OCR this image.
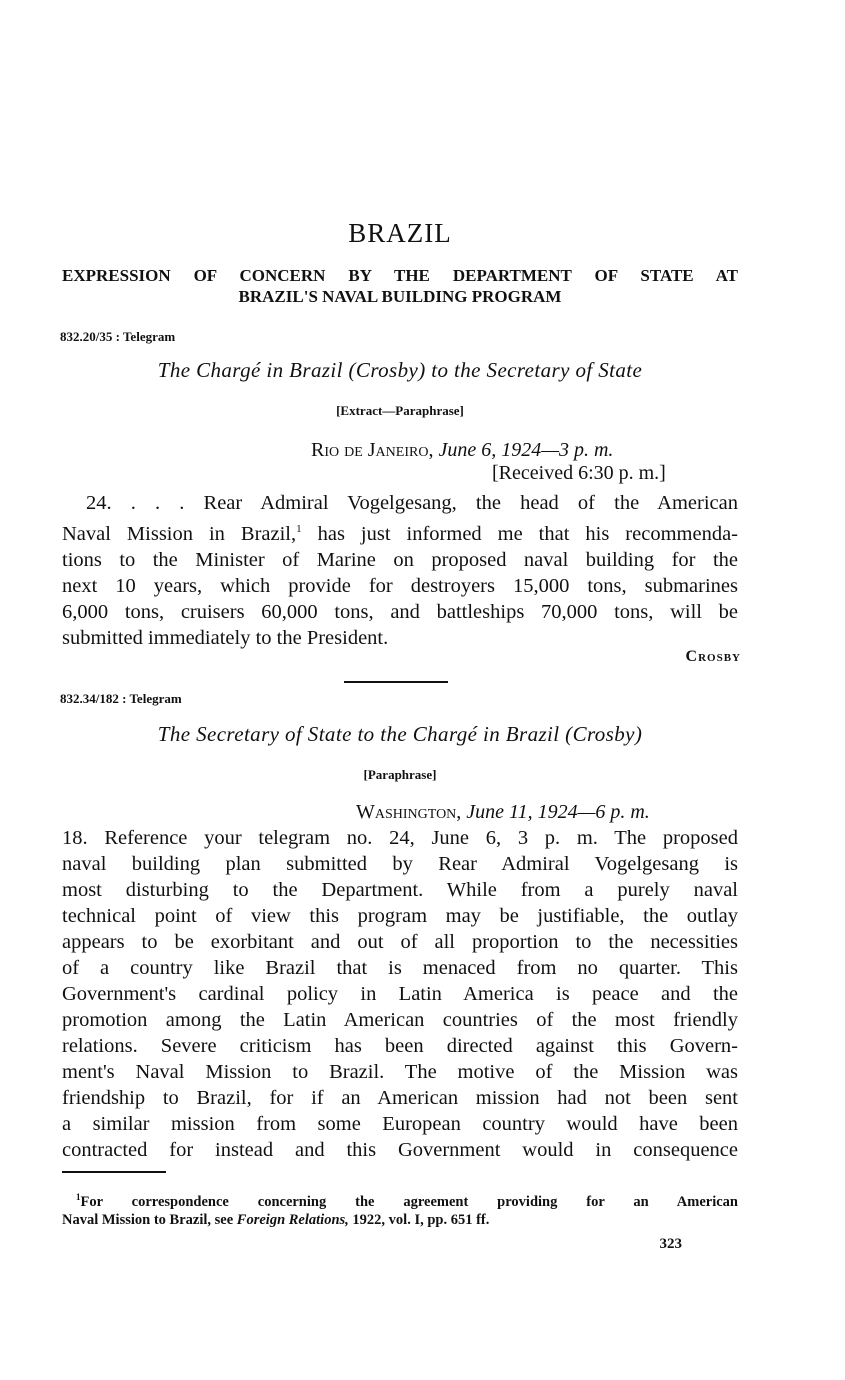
BRAZIL
EXPRESSION OF CONCERN BY THE DEPARTMENT OF STATE AT
BRAZIL'S NAVAL BUILDING PROGRAM
832.20/35 : Telegram
The Chargé in Brazil (Crosby) to the Secretary of State
[Extract—Paraphrase]
Rio de Janeiro, June 6, 1924—3 p. m.
[Received 6:30 p. m.]
24. . . . Rear Admiral Vogelgesang, the head of the American
Naval Mission in Brazil,$^1$ has just informed me that his recommenda-
tions to the Minister of Marine on proposed naval building for the
next 10 years, which provide for destroyers 15,000 tons, submarines
6,000 tons, cruisers 60,000 tons, and battleships 70,000 tons, will be
submitted immediately to the President.
Crosby
832.34/182 : Telegram
The Secretary of State to the Chargé in Brazil (Crosby)
[Paraphrase]
Washington, June 11, 1924—6 p. m.
18. Reference your telegram no. 24, June 6, 3 p. m. The proposed
naval building plan submitted by Rear Admiral Vogelgesang is
most disturbing to the Department. While from a purely naval
technical point of view this program may be justifiable, the outlay
appears to be exorbitant and out of all proportion to the necessities
of a country like Brazil that is menaced from no quarter. This
Government's cardinal policy in Latin America is peace and the
promotion among the Latin American countries of the most friendly
relations. Severe criticism has been directed against this Govern-
ment's Naval Mission to Brazil. The motive of the Mission was
friendship to Brazil, for if an American mission had not been sent
a similar mission from some European country would have been
contracted for instead and this Government would in consequence
$^1$For correspondence concerning the agreement providing for an American
Naval Mission to Brazil, see Foreign Relations, 1922, vol. I, pp. 651 ff.
323
